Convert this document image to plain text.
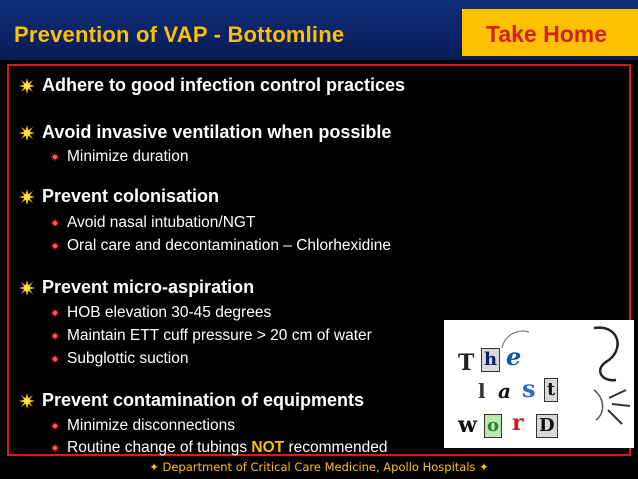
Prevention of VAP - Bottomline	Take Home
Adhere to good infection control practices
Avoid invasive ventilation when possible
Minimize duration
Prevent colonisation
Avoid nasal intubation/NGT
Oral care and decontamination – Chlorhexidine
Prevent micro-aspiration
HOB elevation 30-45 degrees
Maintain ETT cuff pressure > 20 cm of water
Subglottic suction
Prevent contamination of equipments
Minimize disconnections
Routine change of tubings NOT recommended
T h e
l a s t
w o r D
✦ Department of Critical Care Medicine, Apollo Hospitals ✦
